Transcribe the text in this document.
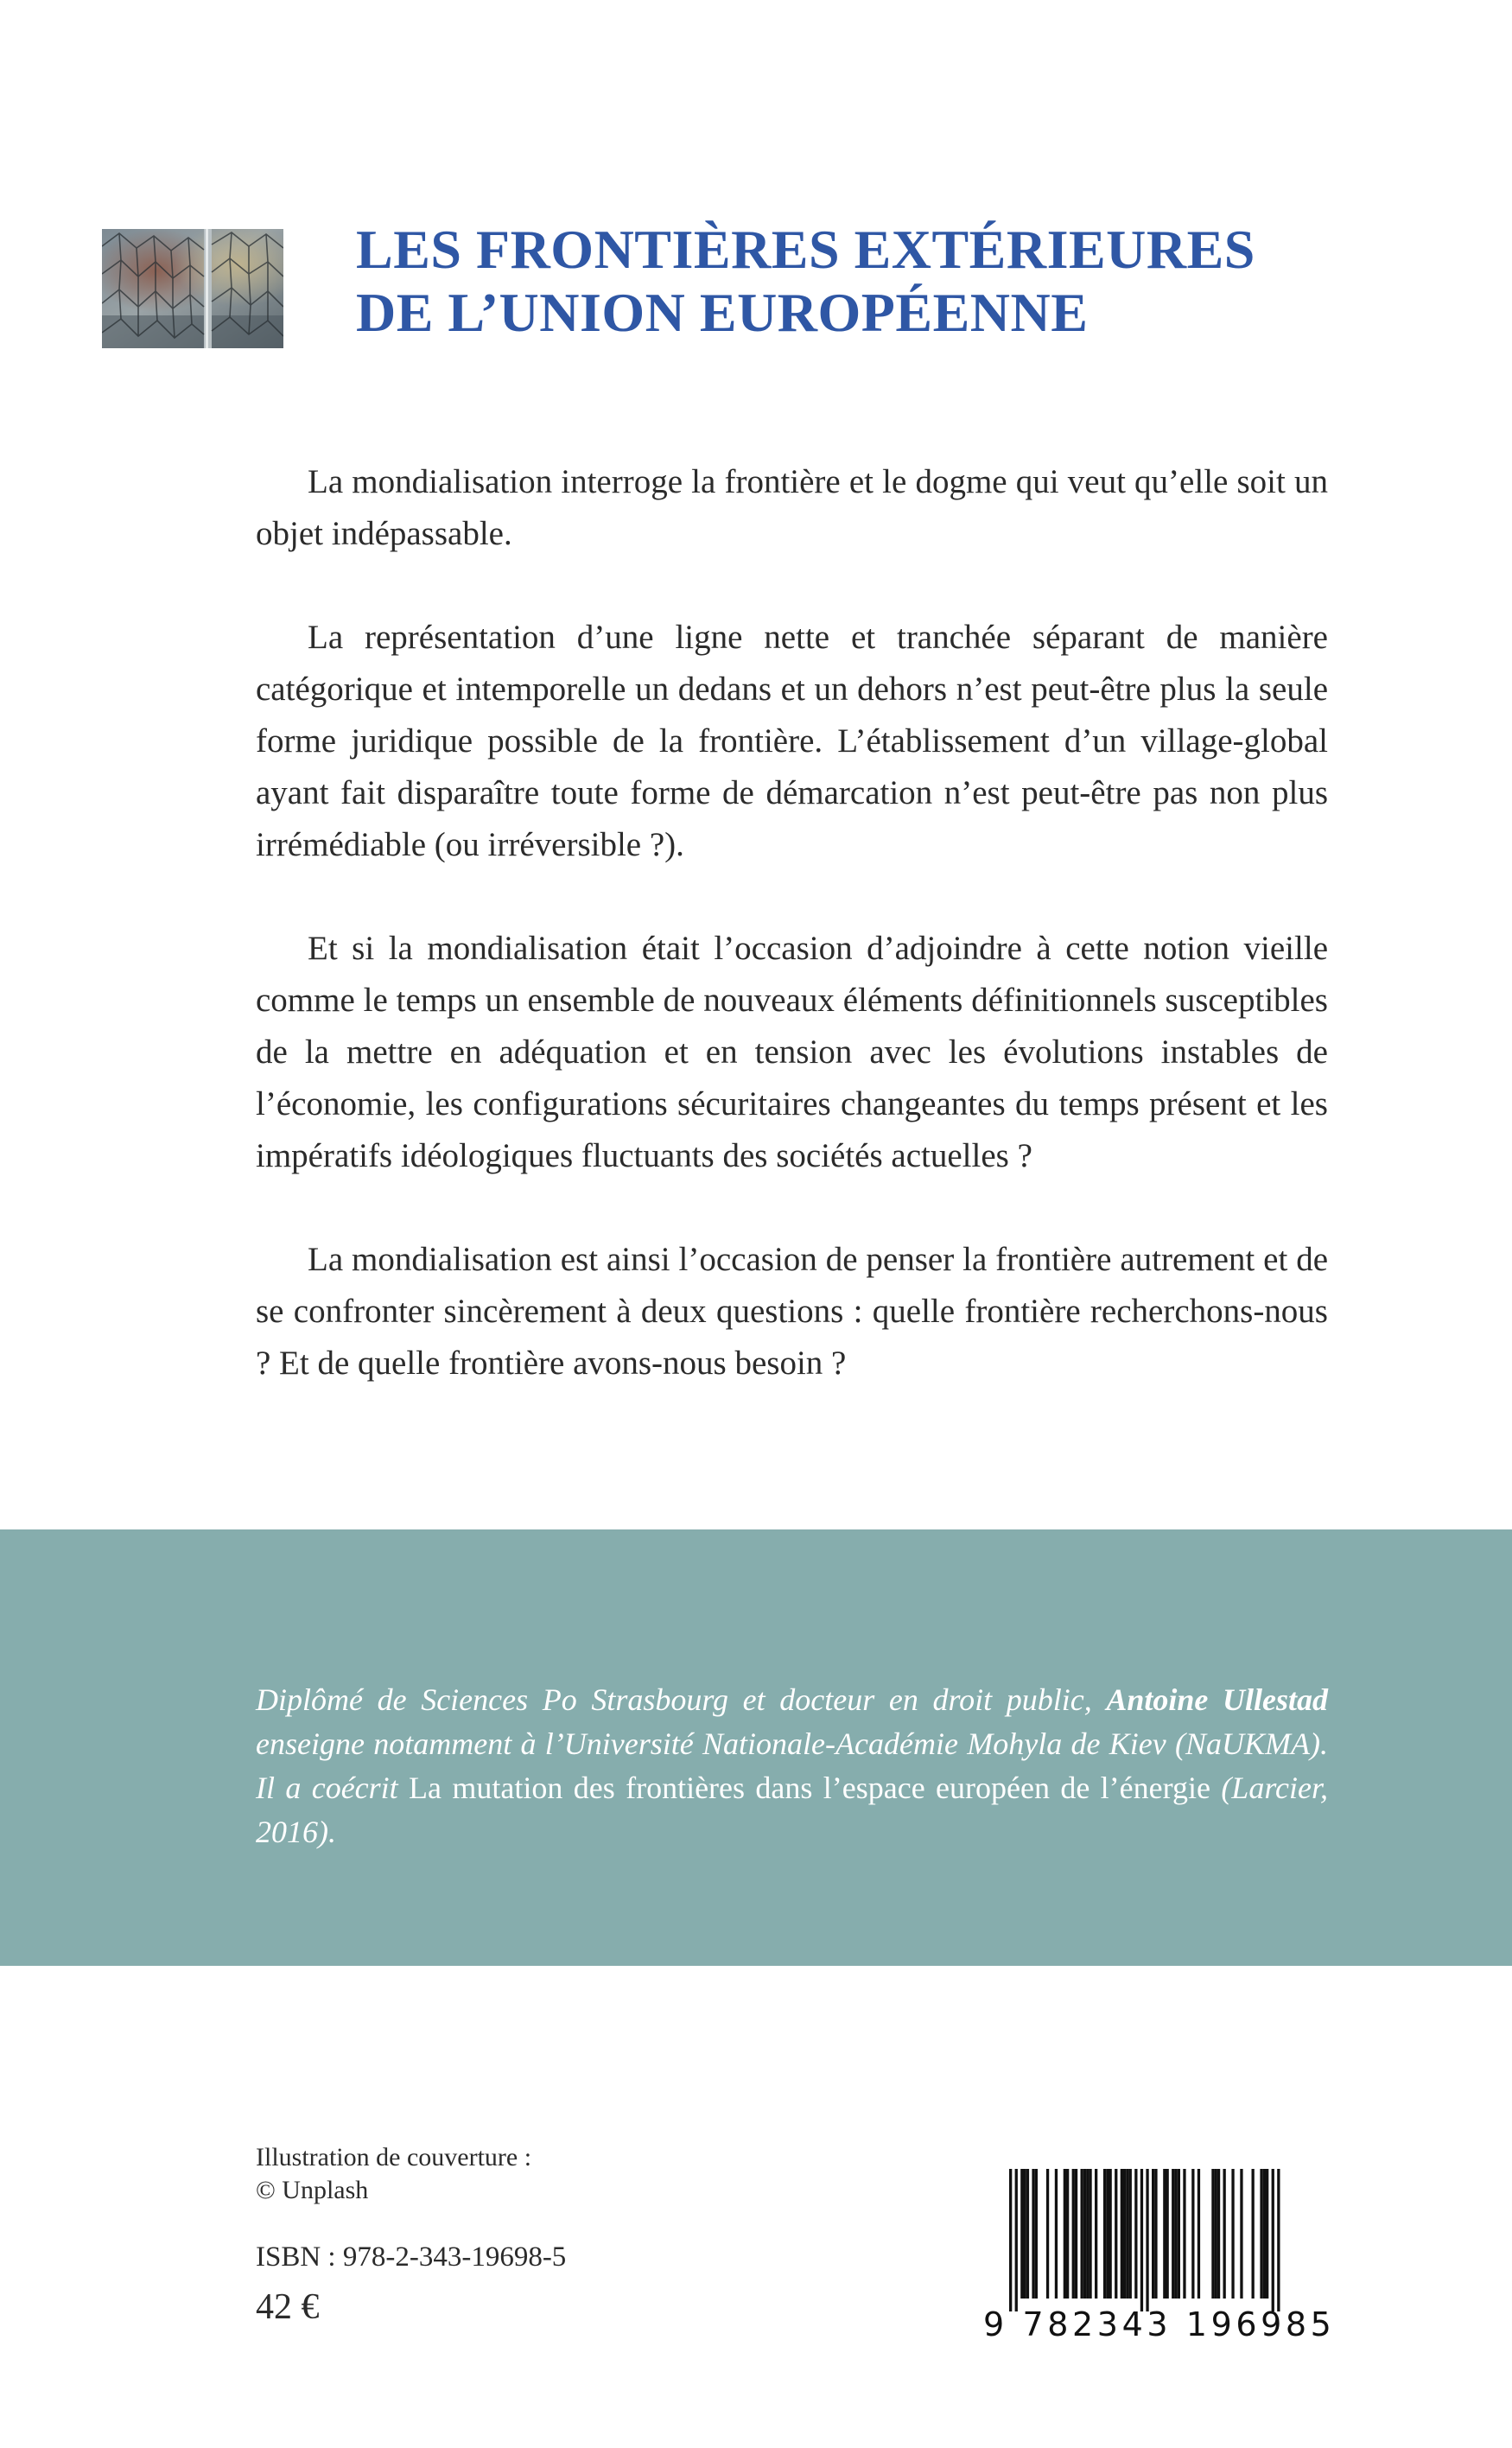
LES FRONTIÈRES EXTÉRIEURES
DE L’UNION EUROPÉENNE

La mondialisation interroge la frontière et le dogme qui veut qu’elle soit un objet indépassable.

La représentation d’une ligne nette et tranchée séparant de manière catégorique et intemporelle un dedans et un dehors n’est peut-être plus la seule forme juridique possible de la frontière. L’établissement d’un village-global ayant fait disparaître toute forme de démarcation n’est peut-être pas non plus irrémédiable (ou irréversible ?).

Et si la mondialisation était l’occasion d’adjoindre à cette notion vieille comme le temps un ensemble de nouveaux éléments définitionnels susceptibles de la mettre en adéquation et en tension avec les évolutions instables de l’économie, les configurations sécuritaires changeantes du temps présent et les impératifs idéologiques fluctuants des sociétés actuelles ?

La mondialisation est ainsi l’occasion de penser la frontière autrement et de se confronter sincèrement à deux questions : quelle frontière recherchons-nous ? Et de quelle frontière avons-nous besoin ?

Diplômé de Sciences Po Strasbourg et docteur en droit public, Antoine Ullestad enseigne notamment à l’Université Nationale-Académie Mohyla de Kiev (NaUKMA). Il a coécrit La mutation des frontières dans l’espace européen de l’énergie (Larcier, 2016).

Illustration de couverture :
© Unplash
ISBN : 978-2-343-19698-5
42 €	9 782343 196985
